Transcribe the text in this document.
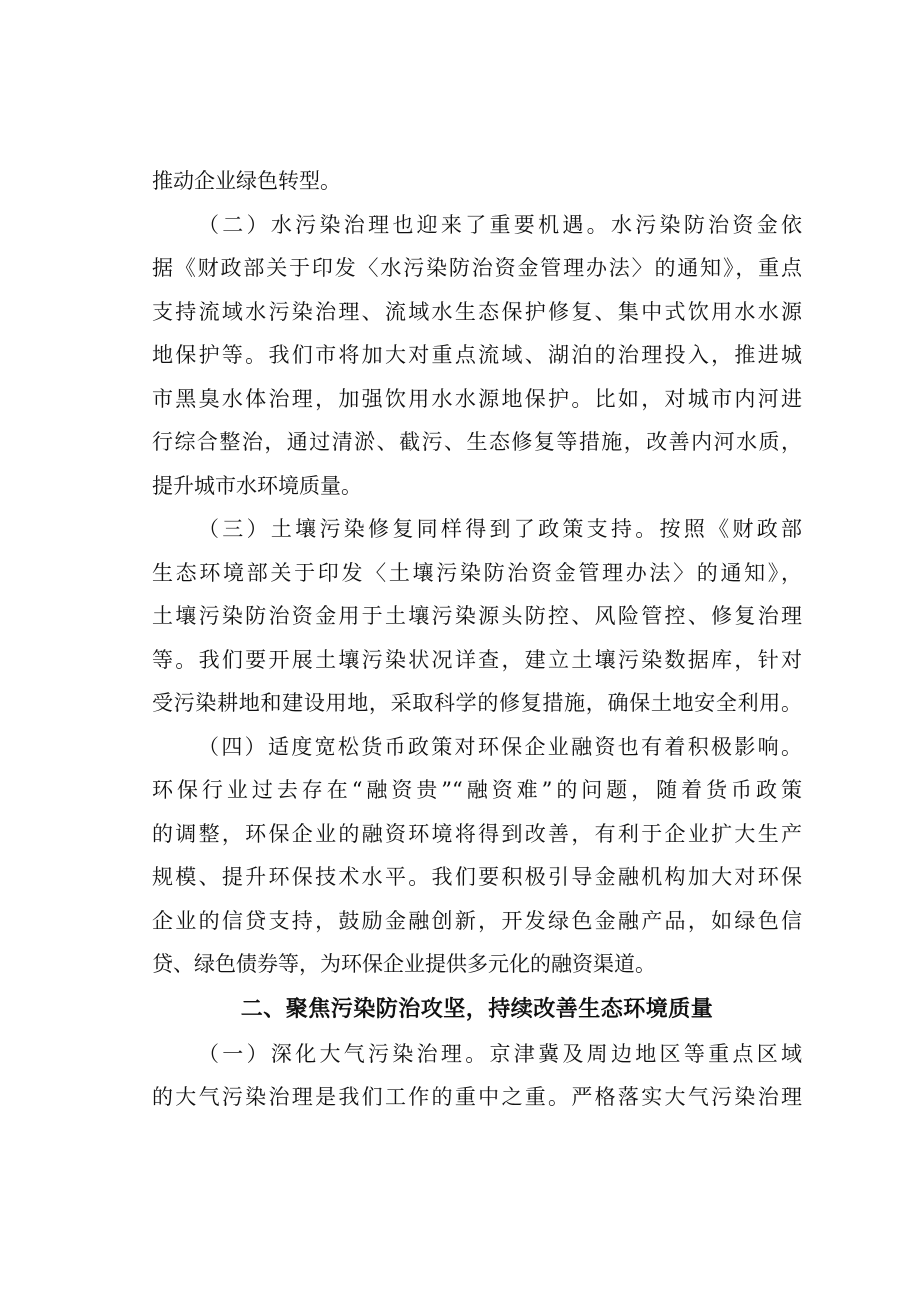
推动企业绿色转型。
（二）水污染治理也迎来了重要机遇。水污染防治资金依
据《财政部关于印发〈水污染防治资金管理办法〉的通知》，重点
支持流域水污染治理、流域水生态保护修复、集中式饮用水水源
地保护等。我们市将加大对重点流域、湖泊的治理投入，推进城
市黑臭水体治理，加强饮用水水源地保护。比如，对城市内河进
行综合整治，通过清淤、截污、生态修复等措施，改善内河水质，
提升城市水环境质量。
（三）土壤污染修复同样得到了政策支持。按照《财政部
生态环境部关于印发〈土壤污染防治资金管理办法〉的通知》，
土壤污染防治资金用于土壤污染源头防控、风险管控、修复治理
等。我们要开展土壤污染状况详查，建立土壤污染数据库，针对
受污染耕地和建设用地，采取科学的修复措施，确保土地安全利用。
（四）适度宽松货币政策对环保企业融资也有着积极影响。
环保行业过去存在“融资贵”“融资难”的问题，随着货币政策
的调整，环保企业的融资环境将得到改善，有利于企业扩大生产
规模、提升环保技术水平。我们要积极引导金融机构加大对环保
企业的信贷支持，鼓励金融创新，开发绿色金融产品，如绿色信
贷、绿色债券等，为环保企业提供多元化的融资渠道。
二、聚焦污染防治攻坚，持续改善生态环境质量
（一）深化大气污染治理。京津冀及周边地区等重点区域
的大气污染治理是我们工作的重中之重。严格落实大气污染治理
